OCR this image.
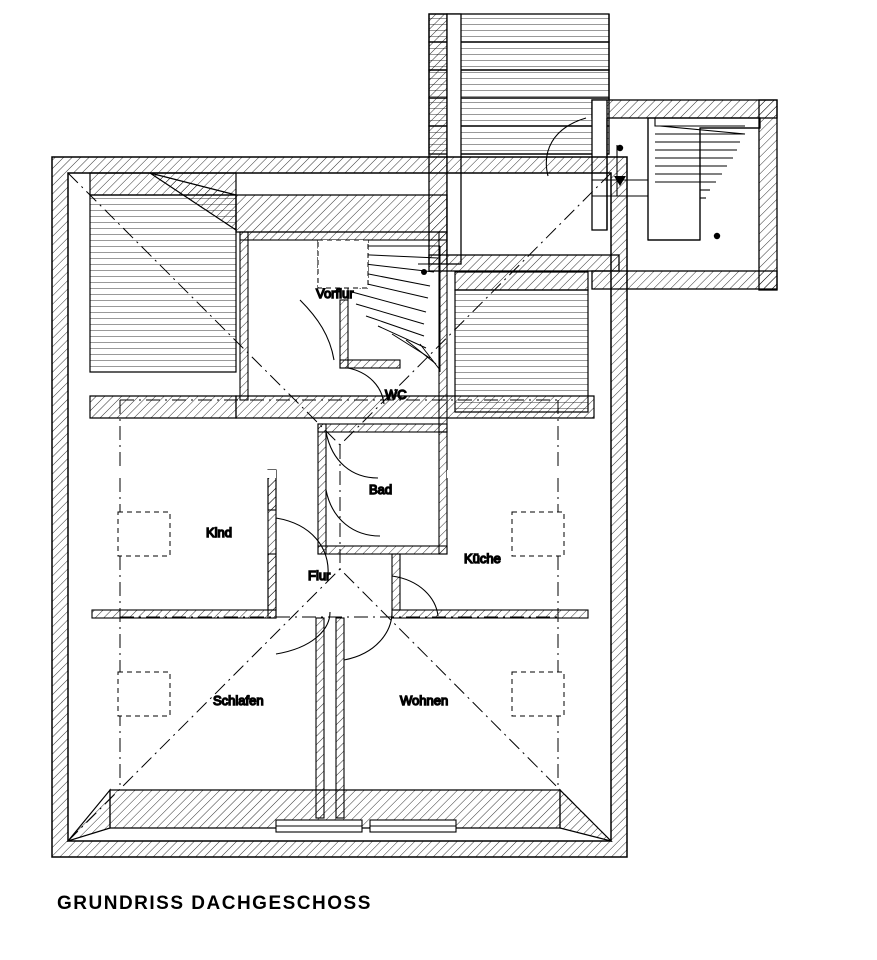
Vorflur
WC
Bad
Kind
Küche
Flur
Schlafen	Wohnen
GRUNDRISS DACHGESCHOSS
